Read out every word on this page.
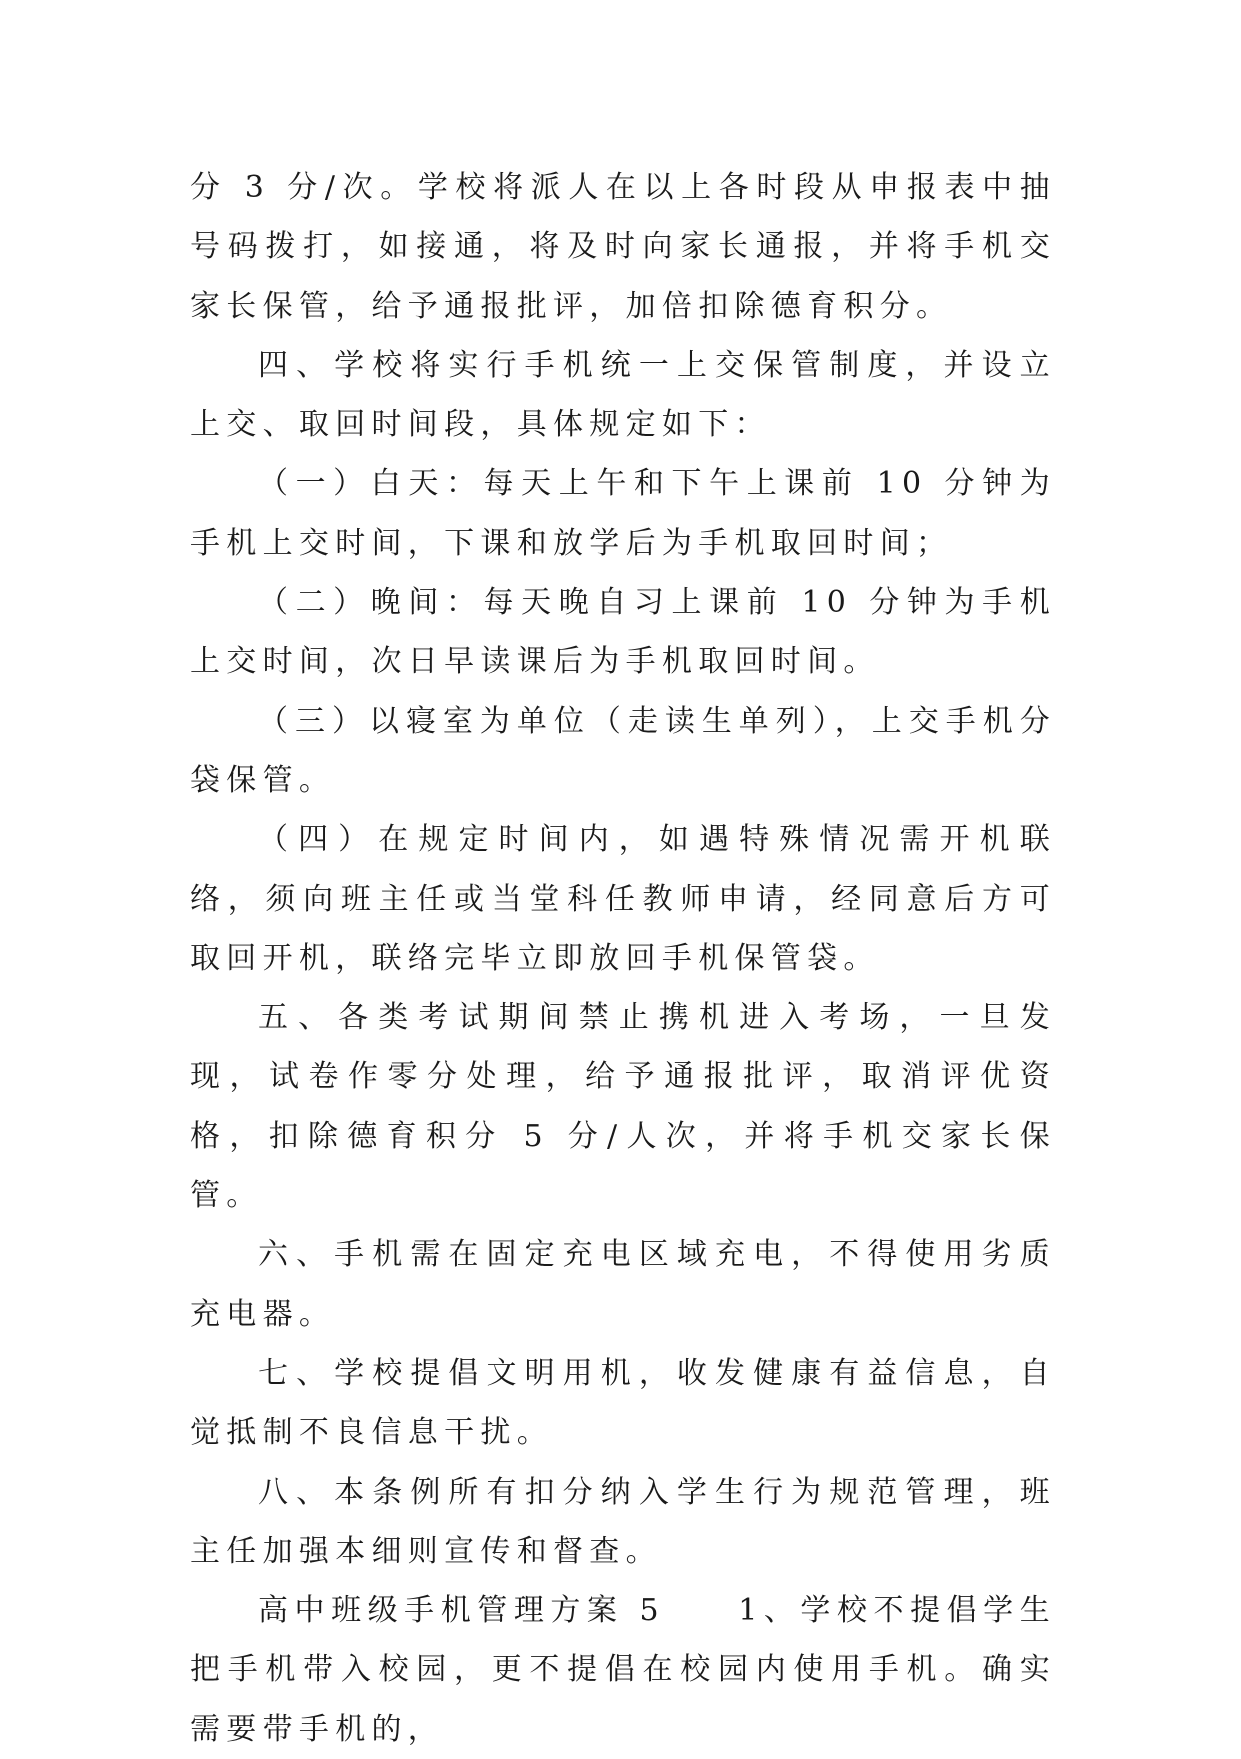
分 3 分/次。学校将派人在以上各时段从申报表中抽号码拨打，如接通，将及时向家长通报，并将手机交家长保管，给予通报批评，加倍扣除德育积分。

四、学校将实行手机统一上交保管制度，并设立上交、取回时间段，具体规定如下：

（一）白天：每天上午和下午上课前 10 分钟为手机上交时间，下课和放学后为手机取回时间；

（二）晚间：每天晚自习上课前 10 分钟为手机上交时间，次日早读课后为手机取回时间。

（三）以寝室为单位（走读生单列），上交手机分袋保管。

（四）在规定时间内，如遇特殊情况需开机联络，须向班主任或当堂科任教师申请，经同意后方可取回开机，联络完毕立即放回手机保管袋。

五、各类考试期间禁止携机进入考场，一旦发现，试卷作零分处理，给予通报批评，取消评优资格，扣除德育积分 5 分/人次，并将手机交家长保管。

六、手机需在固定充电区域充电，不得使用劣质充电器。

七、学校提倡文明用机，收发健康有益信息，自觉抵制不良信息干扰。

八、本条例所有扣分纳入学生行为规范管理，班主任加强本细则宣传和督查。

高中班级手机管理方案 5　　1、学校不提倡学生把手机带入校园，更不提倡在校园内使用手机。确实需要带手机的，
